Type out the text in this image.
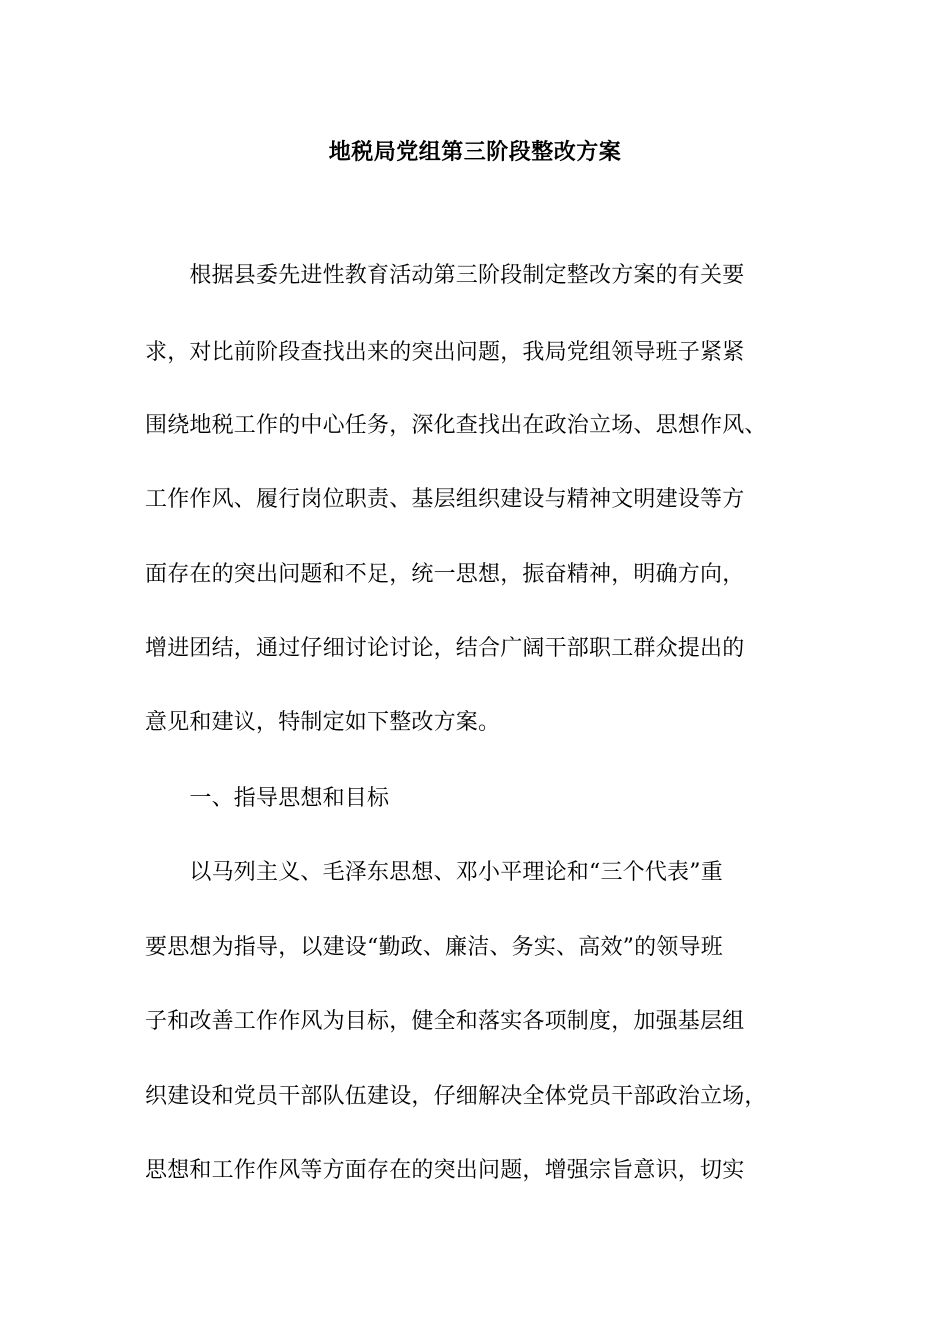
地税局党组第三阶段整改方案
　　根据县委先进性教育活动第三阶段制定整改方案的有关要
求，对比前阶段查找出来的突出问题，我局党组领导班子紧紧
围绕地税工作的中心任务，深化查找出在政治立场、思想作风、
工作作风、履行岗位职责、基层组织建设与精神文明建设等方
面存在的突出问题和不足，统一思想，振奋精神，明确方向，
增进团结，通过仔细讨论讨论，结合广阔干部职工群众提出的
意见和建议，特制定如下整改方案。
　　一、指导思想和目标
　　以马列主义、毛泽东思想、邓小平理论和“三个代表”重
要思想为指导，以建设“勤政、廉洁、务实、高效”的领导班
子和改善工作作风为目标，健全和落实各项制度，加强基层组
织建设和党员干部队伍建设，仔细解决全体党员干部政治立场，
思想和工作作风等方面存在的突出问题，增强宗旨意识，切实
